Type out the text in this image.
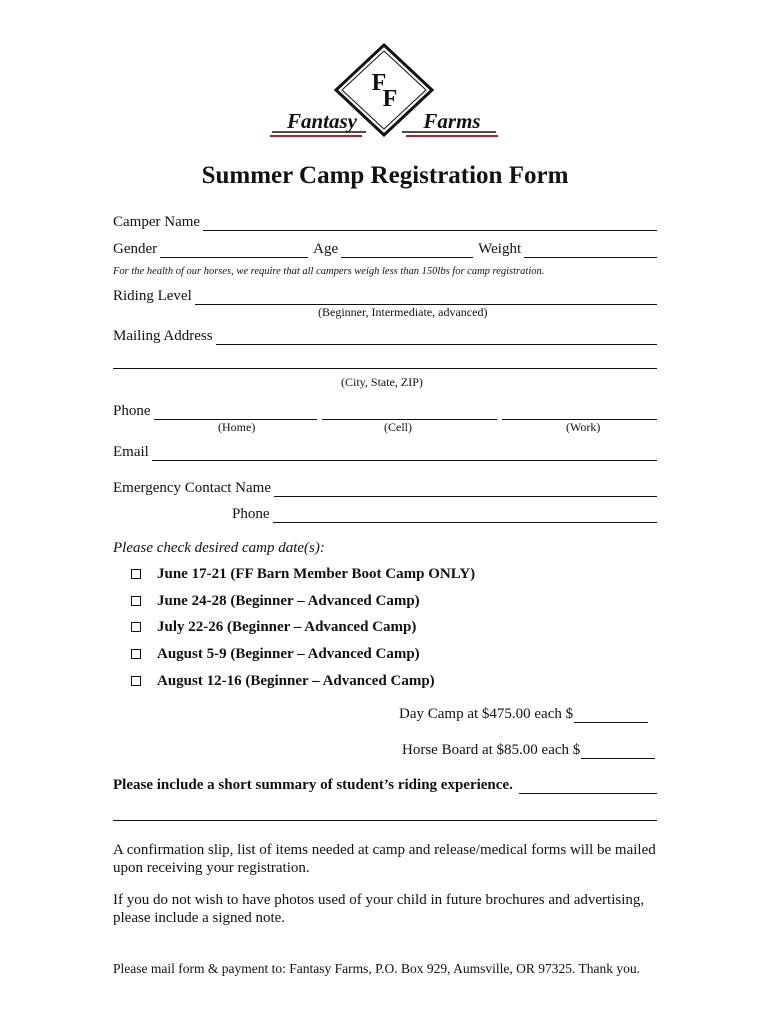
F
F
Fantasy	Farms
Summer Camp Registration Form
Camper Name
Gender	Age	Weight
For the health of our horses, we require that all campers weigh less than 150lbs for camp registration.
Riding Level
(Beginner, Intermediate, advanced)
Mailing Address
(City, State, ZIP)
Phone
(Home)	(Cell)	(Work)
Email
Emergency Contact Name
Phone
Please check desired camp date(s):
June 17-21 (FF Barn Member Boot Camp ONLY)
June 24-28 (Beginner – Advanced Camp)
July 22-26 (Beginner – Advanced Camp)
August 5-9 (Beginner – Advanced Camp)
August 12-16 (Beginner – Advanced Camp)
Day Camp at $475.00 each $
Horse Board at $85.00 each $
Please include a short summary of student’s riding experience.

A confirmation slip, list of items needed at camp and release/medical forms will be mailed upon receiving your registration.

If you do not wish to have photos used of your child in future brochures and advertising, please include a signed note.

Please mail form & payment to: Fantasy Farms, P.O. Box 929, Aumsville, OR 97325. Thank you.
